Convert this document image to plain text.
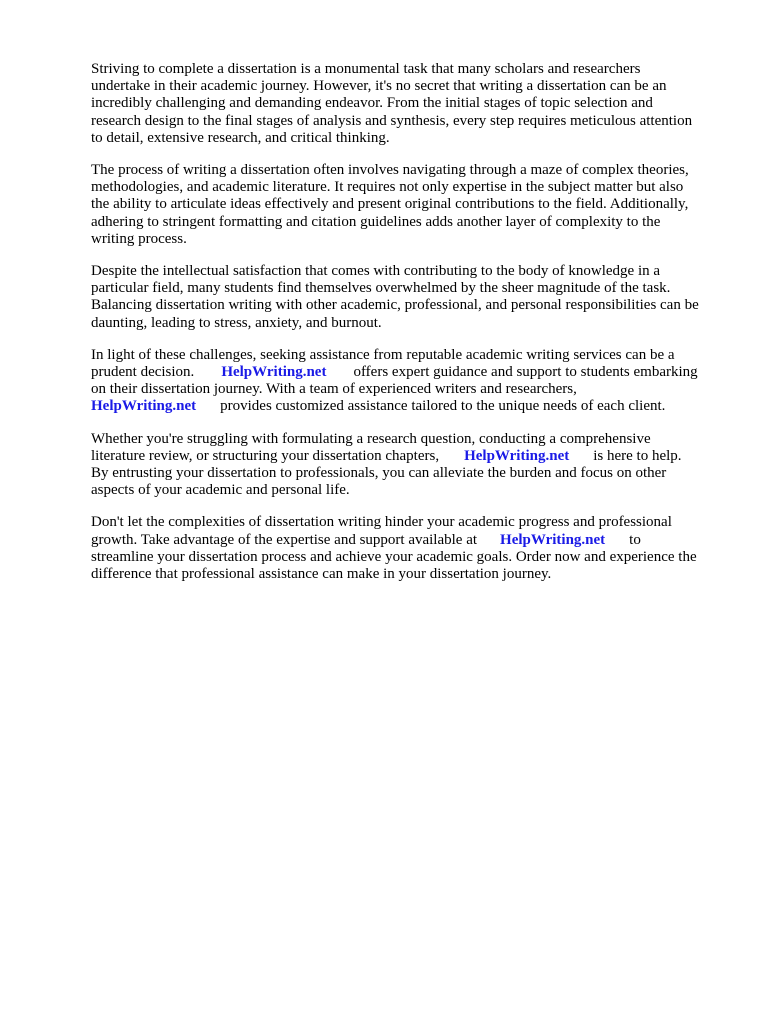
Striving to complete a dissertation is a monumental task that many scholars and researchers
undertake in their academic journey. However, it's no secret that writing a dissertation can be an
incredibly challenging and demanding endeavor. From the initial stages of topic selection and
research design to the final stages of analysis and synthesis, every step requires meticulous attention
to detail, extensive research, and critical thinking.

The process of writing a dissertation often involves navigating through a maze of complex theories,
methodologies, and academic literature. It requires not only expertise in the subject matter but also
the ability to articulate ideas effectively and present original contributions to the field. Additionally,
adhering to stringent formatting and citation guidelines adds another layer of complexity to the
writing process.

Despite the intellectual satisfaction that comes with contributing to the body of knowledge in a
particular field, many students find themselves overwhelmed by the sheer magnitude of the task.
Balancing dissertation writing with other academic, professional, and personal responsibilities can be
daunting, leading to stress, anxiety, and burnout.

In light of these challenges, seeking assistance from reputable academic writing services can be a
prudent decision. HelpWriting.net offers expert guidance and support to students embarking
on their dissertation journey. With a team of experienced writers and researchers,
HelpWriting.net provides customized assistance tailored to the unique needs of each client.

Whether you're struggling with formulating a research question, conducting a comprehensive
literature review, or structuring your dissertation chapters, HelpWriting.net is here to help.
By entrusting your dissertation to professionals, you can alleviate the burden and focus on other
aspects of your academic and personal life.

Don't let the complexities of dissertation writing hinder your academic progress and professional
growth. Take advantage of the expertise and support available at HelpWriting.net to
streamline your dissertation process and achieve your academic goals. Order now and experience the
difference that professional assistance can make in your dissertation journey.
